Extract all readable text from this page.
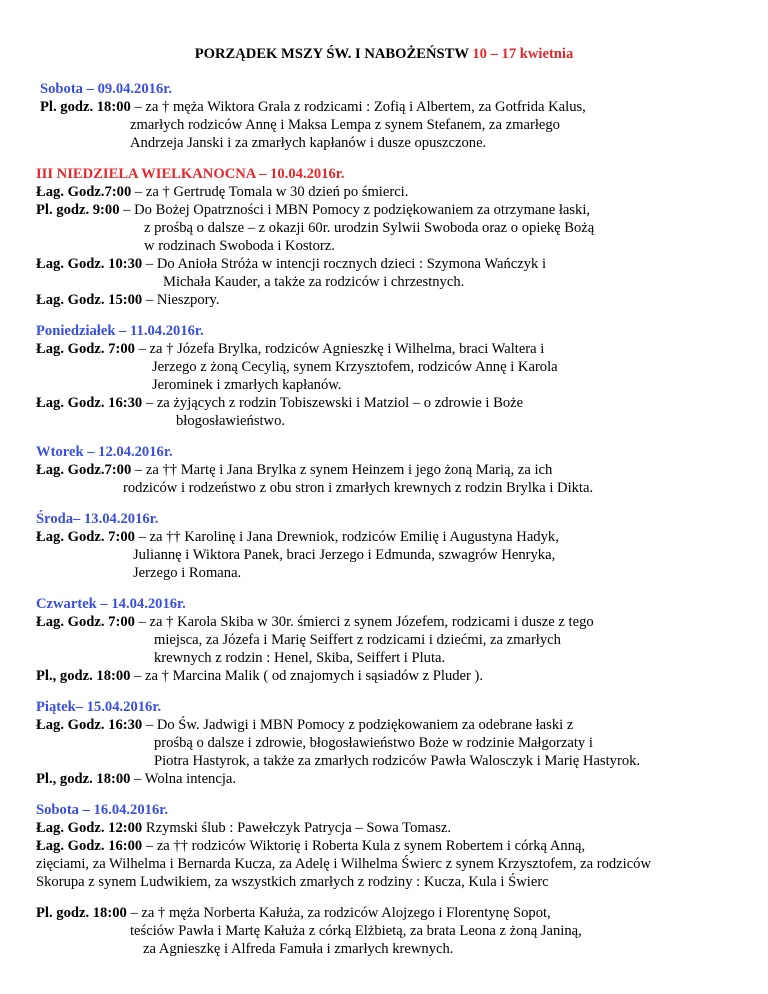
PORZĄDEK MSZY ŚW. I NABOŻEŃSTW 10 – 17 kwietnia
Sobota – 09.04.2016r.
Pl. godz. 18:00 – za † męża Wiktora Grala z rodzicami : Zofią i Albertem, za Gotfrida Kalus,
zmarłych rodziców Annę i Maksa Lempa z synem Stefanem, za zmarłego
Andrzeja Janski i za zmarłych kapłanów i dusze opuszczone.
III NIEDZIELA WIELKANOCNA – 10.04.2016r.
Łag. Godz.7:00 – za † Gertrudę Tomala w 30 dzień po śmierci.
Pl. godz. 9:00 – Do Bożej Opatrzności i MBN Pomocy z podziękowaniem za otrzymane łaski,
z prośbą o dalsze – z okazji 60r. urodzin Sylwii Swoboda oraz o opiekę Bożą
w rodzinach Swoboda i Kostorz.
Łag. Godz. 10:30 – Do Anioła Stróża w intencji rocznych dzieci : Szymona Wańczyk i
Michała Kauder, a także za rodziców i chrzestnych.
Łag. Godz. 15:00 – Nieszpory.
Poniedziałek – 11.04.2016r.
Łag. Godz. 7:00 – za † Józefa Brylka, rodziców Agnieszkę i Wilhelma, braci Waltera i
Jerzego z żoną Cecylią, synem Krzysztofem, rodziców Annę i Karola
Jerominek i zmarłych kapłanów.
Łag. Godz. 16:30 – za żyjących z rodzin Tobiszewski i Matziol – o zdrowie i Boże
błogosławieństwo.
Wtorek – 12.04.2016r.
Łag. Godz.7:00 – za †† Martę i Jana Brylka z synem Heinzem i jego żoną Marią, za ich
rodziców i rodzeństwo z obu stron i zmarłych krewnych z rodzin Brylka i Dikta.
Środa– 13.04.2016r.
Łag. Godz. 7:00 – za †† Karolinę i Jana Drewniok, rodziców Emilię i Augustyna Hadyk,
Juliannę i Wiktora Panek, braci Jerzego i Edmunda, szwagrów Henryka,
Jerzego i Romana.
Czwartek – 14.04.2016r.
Łag. Godz. 7:00 – za † Karola Skiba w 30r. śmierci z synem Józefem, rodzicami i dusze z tego
miejsca, za Józefa i Marię Seiffert z rodzicami i dziećmi, za zmarłych
krewnych z rodzin : Henel, Skiba, Seiffert i Pluta.
Pl., godz. 18:00 – za † Marcina Malik ( od znajomych i sąsiadów z Pluder ).
Piątek– 15.04.2016r.
Łag. Godz. 16:30 – Do Św. Jadwigi i MBN Pomocy z podziękowaniem za odebrane łaski z
prośbą o dalsze i zdrowie, błogosławieństwo Boże w rodzinie Małgorzaty i
Piotra Hastyrok, a także za zmarłych rodziców Pawła Walosczyk i Marię Hastyrok.
Pl., godz. 18:00 – Wolna intencja.
Sobota – 16.04.2016r.
Łag. Godz. 12:00 Rzymski ślub : Pawełczyk Patrycja – Sowa Tomasz.
Łag. Godz. 16:00 – za †† rodziców Wiktorię i Roberta Kula z synem Robertem i córką Anną,
zięciami, za Wilhelma i Bernarda Kucza, za Adelę i Wilhelma Świerc z synem Krzysztofem, za rodziców
Skorupa z synem Ludwikiem, za wszystkich zmarłych z rodziny : Kucza, Kula i Świerc
Pl. godz. 18:00 – za † męża Norberta Kałuża, za rodziców Alojzego i Florentynę Sopot,
teściów Pawła i Martę Kałuża z córką Elżbietą, za brata Leona z żoną Janiną,
za Agnieszkę i Alfreda Famuła i zmarłych krewnych.
